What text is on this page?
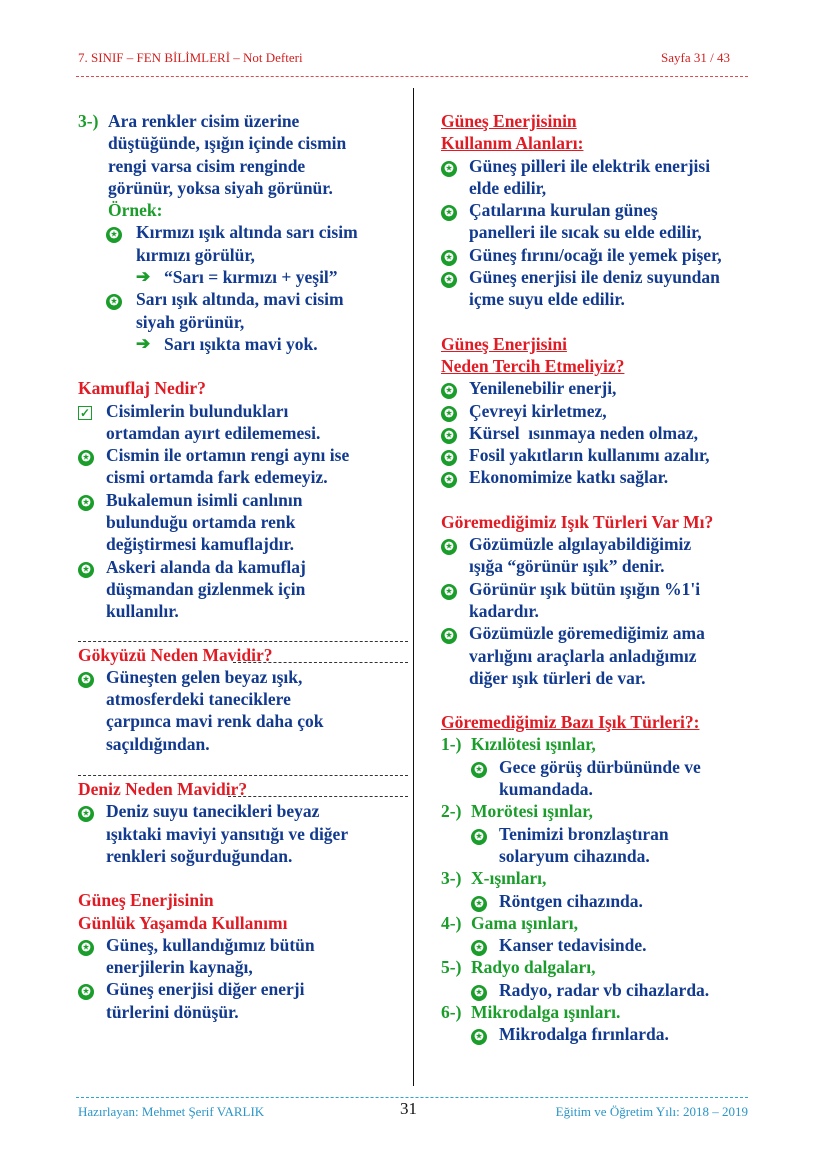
7. SINIF – FEN BİLİMLERİ – Not Defteri	Sayfa 31 / 43
3-) Ara renkler cisim üzerine
düştüğünde, ışığın içinde cismin
rengi varsa cisim renginde
görünür, yoksa siyah görünür.
Örnek:
✪ Kırmızı ışık altında sarı cisim
kırmızı görülür,
➔ “Sarı = kırmızı + yeşil”
✪ Sarı ışık altında, mavi cisim
siyah görünür,
➔ Sarı ışıkta mavi yok.
Kamuflaj Nedir?
✓ Cisimlerin bulundukları
ortamdan ayırt edilememesi.
✪ Cismin ile ortamın rengi aynı ise
cismi ortamda fark edemeyiz.
✪ Bukalemun isimli canlının
bulunduğu ortamda renk
değiştirmesi kamuflajdır.
✪ Askeri alanda da kamuflaj
düşmandan gizlenmek için
kullanılır.
Gökyüzü Neden Mavidir?
✪ Güneşten gelen beyaz ışık,
atmosferdeki taneciklere
çarpınca mavi renk daha çok
saçıldığından.
Deniz Neden Mavidir?
✪ Deniz suyu tanecikleri beyaz
ışıktaki maviyi yansıtığı ve diğer
renkleri soğurduğundan.
Güneş Enerjisinin
Günlük Yaşamda Kullanımı
✪ Güneş, kullandığımız bütün
enerjilerin kaynağı,
✪ Güneş enerjisi diğer enerji
türlerini dönüşür.
Güneş Enerjisinin
Kullanım Alanları:
✪ Güneş pilleri ile elektrik enerjisi
elde edilir,
✪ Çatılarına kurulan güneş
panelleri ile sıcak su elde edilir,
✪ Güneş fırını/ocağı ile yemek pişer,
✪ Güneş enerjisi ile deniz suyundan
içme suyu elde edilir.
Güneş Enerjisini
Neden Tercih Etmeliyiz?
✪ Yenilenebilir enerji,
✪ Çevreyi kirletmez,
✪ Kürsel  ısınmaya neden olmaz,
✪ Fosil yakıtların kullanımı azalır,
✪ Ekonomimize katkı sağlar.
Göremediğimiz Işık Türleri Var Mı?
✪ Gözümüzle algılayabildiğimiz
ışığa “görünür ışık” denir.
✪ Görünür ışık bütün ışığın %1'i
kadardır.
✪ Gözümüzle göremediğimiz ama
varlığını araçlarla anladığımız
diğer ışık türleri de var.
Göremediğimiz Bazı Işık Türleri?:
1-) Kızılötesi ışınlar,
✪ Gece görüş dürbününde ve
kumandada.
2-) Morötesi ışınlar,
✪ Tenimizi bronzlaştıran
solaryum cihazında.
3-) X-ışınları,
✪ Röntgen cihazında.
4-) Gama ışınları,
✪ Kanser tedavisinde.
5-) Radyo dalgaları,
✪ Radyo, radar vb cihazlarda.
6-) Mikrodalga ışınları.
✪ Mikrodalga fırınlarda.
Hazırlayan: Mehmet Şerif VARLIK	31	Eğitim ve Öğretim Yılı: 2018 – 2019
